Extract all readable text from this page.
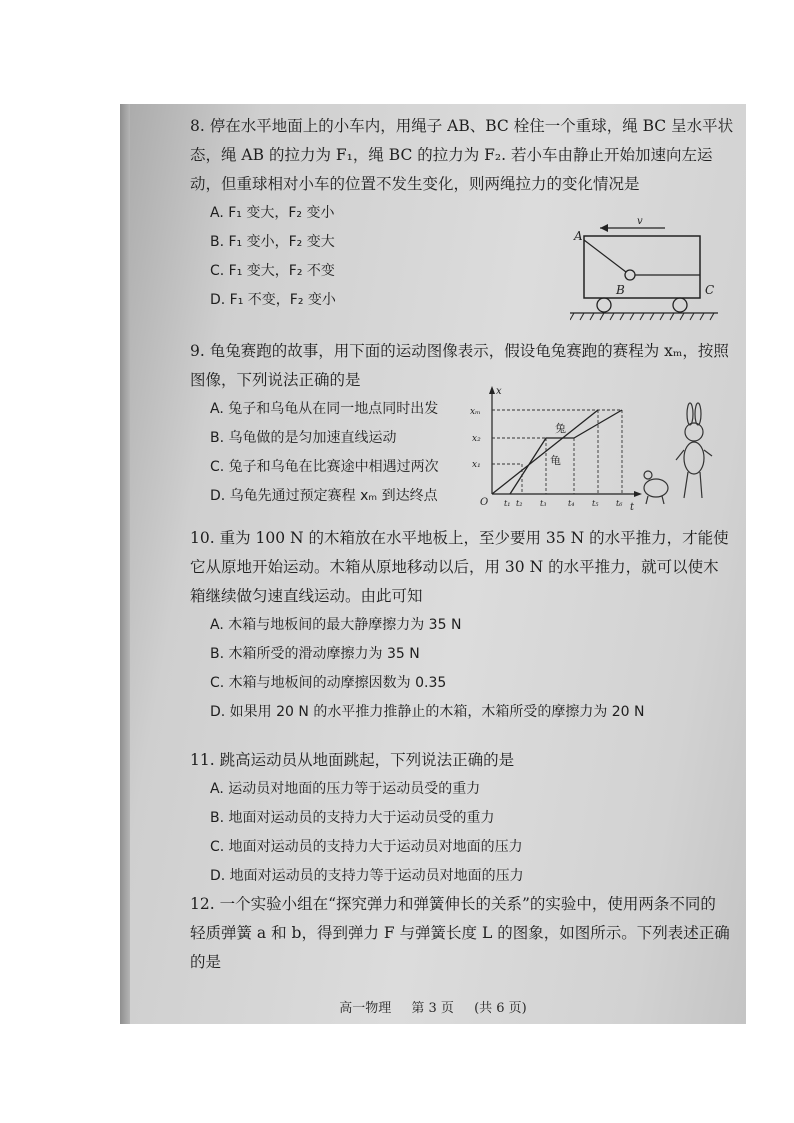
8. 停在水平地面上的小车内，用绳子 AB、BC 栓住一个重球，绳 BC 呈水平状态，绳 AB 的拉力为 F₁，绳 BC 的拉力为 F₂. 若小车由静止开始加速向左运动，但重球相对小车的位置不发生变化，则两绳拉力的变化情况是

A. F₁ 变大，F₂ 变小

B. F₁ 变小，F₂ 变大

C. F₁ 变大，F₂ 不变

D. F₁ 不变，F₂ 变小

v
A
B	C

9. 龟兔赛跑的故事，用下面的运动图像表示，假设龟兔赛跑的赛程为 xₘ，按照图像，下列说法正确的是

A. 兔子和乌龟从在同一地点同时出发

B. 乌龟做的是匀加速直线运动

C. 兔子和乌龟在比赛途中相遇过两次

D. 乌龟先通过预定赛程 xₘ 到达终点

x
t
O
xₘ
x₂
x₁
兔
龟
t₁ t₂ t₃	t₄ t₅ t₆

10. 重为 100 N 的木箱放在水平地板上，至少要用 35 N 的水平推力，才能使它从原地开始运动。木箱从原地移动以后，用 30 N 的水平推力，就可以使木箱继续做匀速直线运动。由此可知

A. 木箱与地板间的最大静摩擦力为 35 N

B. 木箱所受的滑动摩擦力为 35 N

C. 木箱与地板间的动摩擦因数为 0.35

D. 如果用 20 N 的水平推力推静止的木箱，木箱所受的摩擦力为 20 N

11. 跳高运动员从地面跳起，下列说法正确的是

A. 运动员对地面的压力等于运动员受的重力

B. 地面对运动员的支持力大于运动员受的重力

C. 地面对运动员的支持力大于运动员对地面的压力

D. 地面对运动员的支持力等于运动员对地面的压力

12. 一个实验小组在“探究弹力和弹簧伸长的关系”的实验中，使用两条不同的轻质弹簧 a 和 b，得到弹力 F 与弹簧长度 L 的图象，如图所示。下列表述正确的是

高一物理 第 3 页 (共 6 页)
